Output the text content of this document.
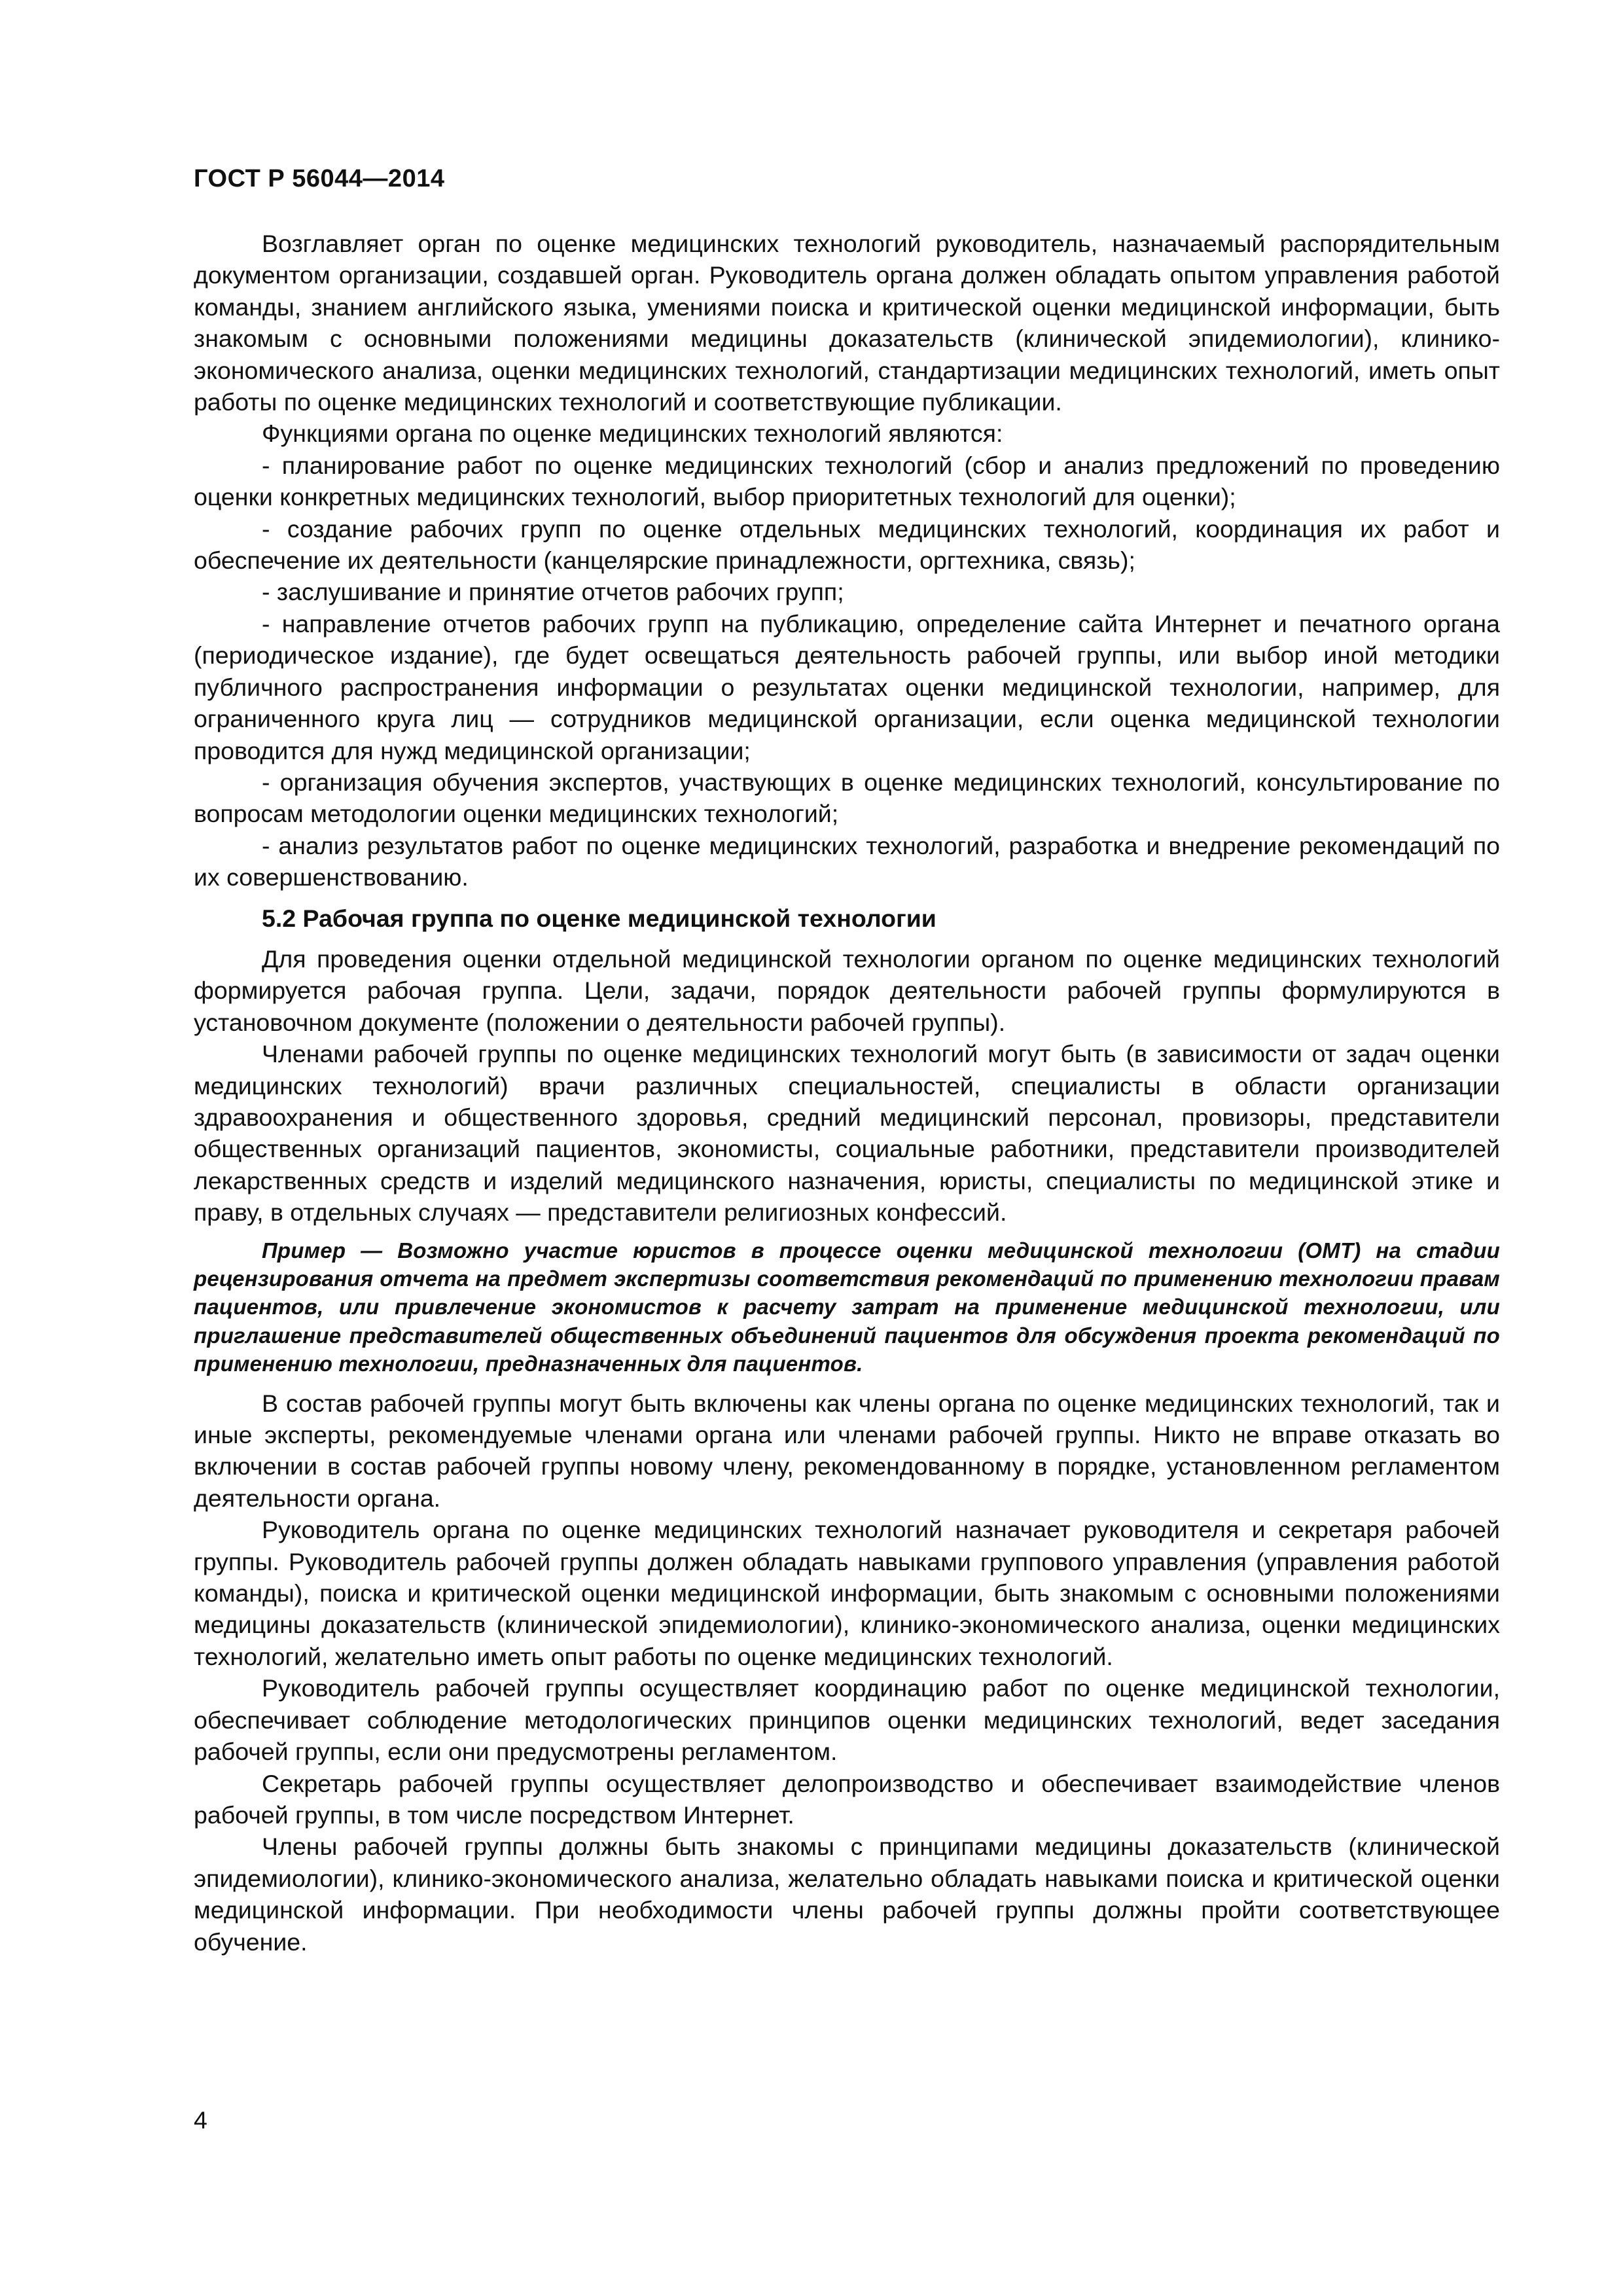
ГОСТ Р 56044—2014

Возглавляет орган по оценке медицинских технологий руководитель, назначаемый распорядительным документом организации, создавшей орган. Руководитель органа должен обладать опытом управления работой команды, знанием английского языка, умениями поиска и критической оценки медицинской информации, быть знакомым с основными положениями медицины доказательств (клинической эпидемиологии), клинико-экономического анализа, оценки медицинских технологий, стандартизации медицинских технологий, иметь опыт работы по оценке медицинских технологий и соответствующие публикации.

Функциями органа по оценке медицинских технологий являются:

- планирование работ по оценке медицинских технологий (сбор и анализ предложений по проведению оценки конкретных медицинских технологий, выбор приоритетных технологий для оценки);

- создание рабочих групп по оценке отдельных медицинских технологий, координация их работ и обеспечение их деятельности (канцелярские принадлежности, оргтехника, связь);

- заслушивание и принятие отчетов рабочих групп;

- направление отчетов рабочих групп на публикацию, определение сайта Интернет и печатного органа (периодическое издание), где будет освещаться деятельность рабочей группы, или выбор иной методики публичного распространения информации о результатах оценки медицинской технологии, например, для ограниченного круга лиц — сотрудников медицинской организации, если оценка медицинской технологии проводится для нужд медицинской организации;

- организация обучения экспертов, участвующих в оценке медицинских технологий, консультирование по вопросам методологии оценки медицинских технологий;

- анализ результатов работ по оценке медицинских технологий, разработка и внедрение рекомендаций по их совершенствованию.

5.2 Рабочая группа по оценке медицинской технологии

Для проведения оценки отдельной медицинской технологии органом по оценке медицинских технологий формируется рабочая группа. Цели, задачи, порядок деятельности рабочей группы формулируются в установочном документе (положении о деятельности рабочей группы).

Членами рабочей группы по оценке медицинских технологий могут быть (в зависимости от задач оценки медицинских технологий) врачи различных специальностей, специалисты в области организации здравоохранения и общественного здоровья, средний медицинский персонал, провизоры, представители общественных организаций пациентов, экономисты, социальные работники, представители производителей лекарственных средств и изделий медицинского назначения, юристы, специалисты по медицинской этике и праву, в отдельных случаях — представители религиозных конфессий.

Пример — Возможно участие юристов в процессе оценки медицинской технологии (ОМТ) на стадии рецензирования отчета на предмет экспертизы соответствия рекомендаций по применению технологии правам пациентов, или привлечение экономистов к расчету затрат на применение медицинской технологии, или приглашение представителей общественных объединений пациентов для обсуждения проекта рекомендаций по применению технологии, предназначенных для пациентов.

В состав рабочей группы могут быть включены как члены органа по оценке медицинских технологий, так и иные эксперты, рекомендуемые членами органа или членами рабочей группы. Никто не вправе отказать во включении в состав рабочей группы новому члену, рекомендованному в порядке, установленном регламентом деятельности органа.

Руководитель органа по оценке медицинских технологий назначает руководителя и секретаря рабочей группы. Руководитель рабочей группы должен обладать навыками группового управления (управления работой команды), поиска и критической оценки медицинской информации, быть знакомым с основными положениями медицины доказательств (клинической эпидемиологии), клинико-экономического анализа, оценки медицинских технологий, желательно иметь опыт работы по оценке медицинских технологий.

Руководитель рабочей группы осуществляет координацию работ по оценке медицинской технологии, обеспечивает соблюдение методологических принципов оценки медицинских технологий, ведет заседания рабочей группы, если они предусмотрены регламентом.

Секретарь рабочей группы осуществляет делопроизводство и обеспечивает взаимодействие членов рабочей группы, в том числе посредством Интернет.

Члены рабочей группы должны быть знакомы с принципами медицины доказательств (клинической эпидемиологии), клинико-экономического анализа, желательно обладать навыками поиска и критической оценки медицинской информации. При необходимости члены рабочей группы должны пройти соответствующее обучение.

4
